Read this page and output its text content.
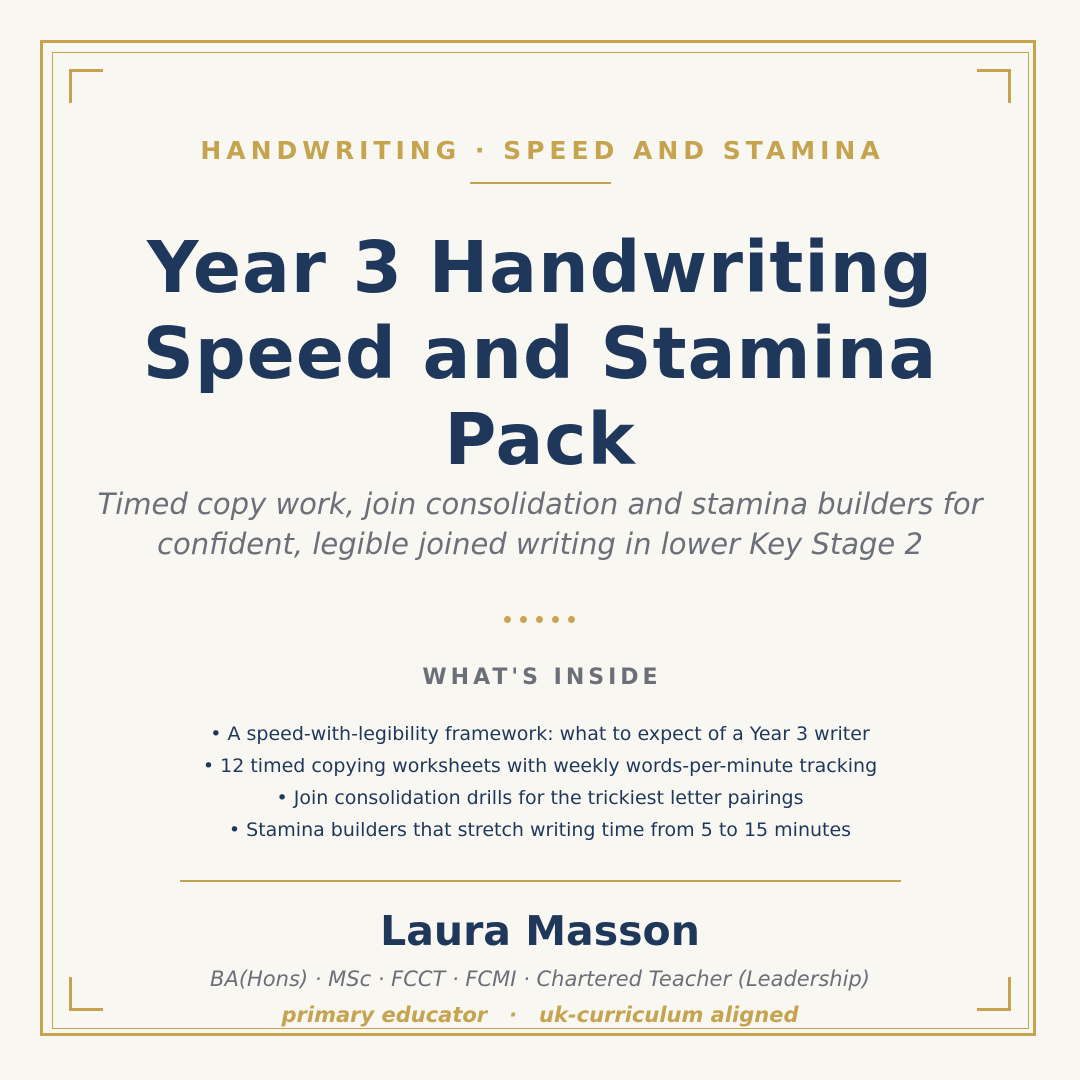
HANDWRITING · SPEED AND STAMINA

Year 3 Handwriting Speed and Stamina Pack

Timed copy work, join consolidation and stamina builders for confident, legible joined writing in lower Key Stage 2

WHAT'S INSIDE

• A speed-with-legibility framework: what to expect of a Year 3 writer
• 12 timed copying worksheets with weekly words-per-minute tracking
• Join consolidation drills for the trickiest letter pairings
• Stamina builders that stretch writing time from 5 to 15 minutes

Laura Masson

BA(Hons) · MSc · FCCT · FCMI · Chartered Teacher (Leadership)

primary educator   ·   uk-curriculum aligned
